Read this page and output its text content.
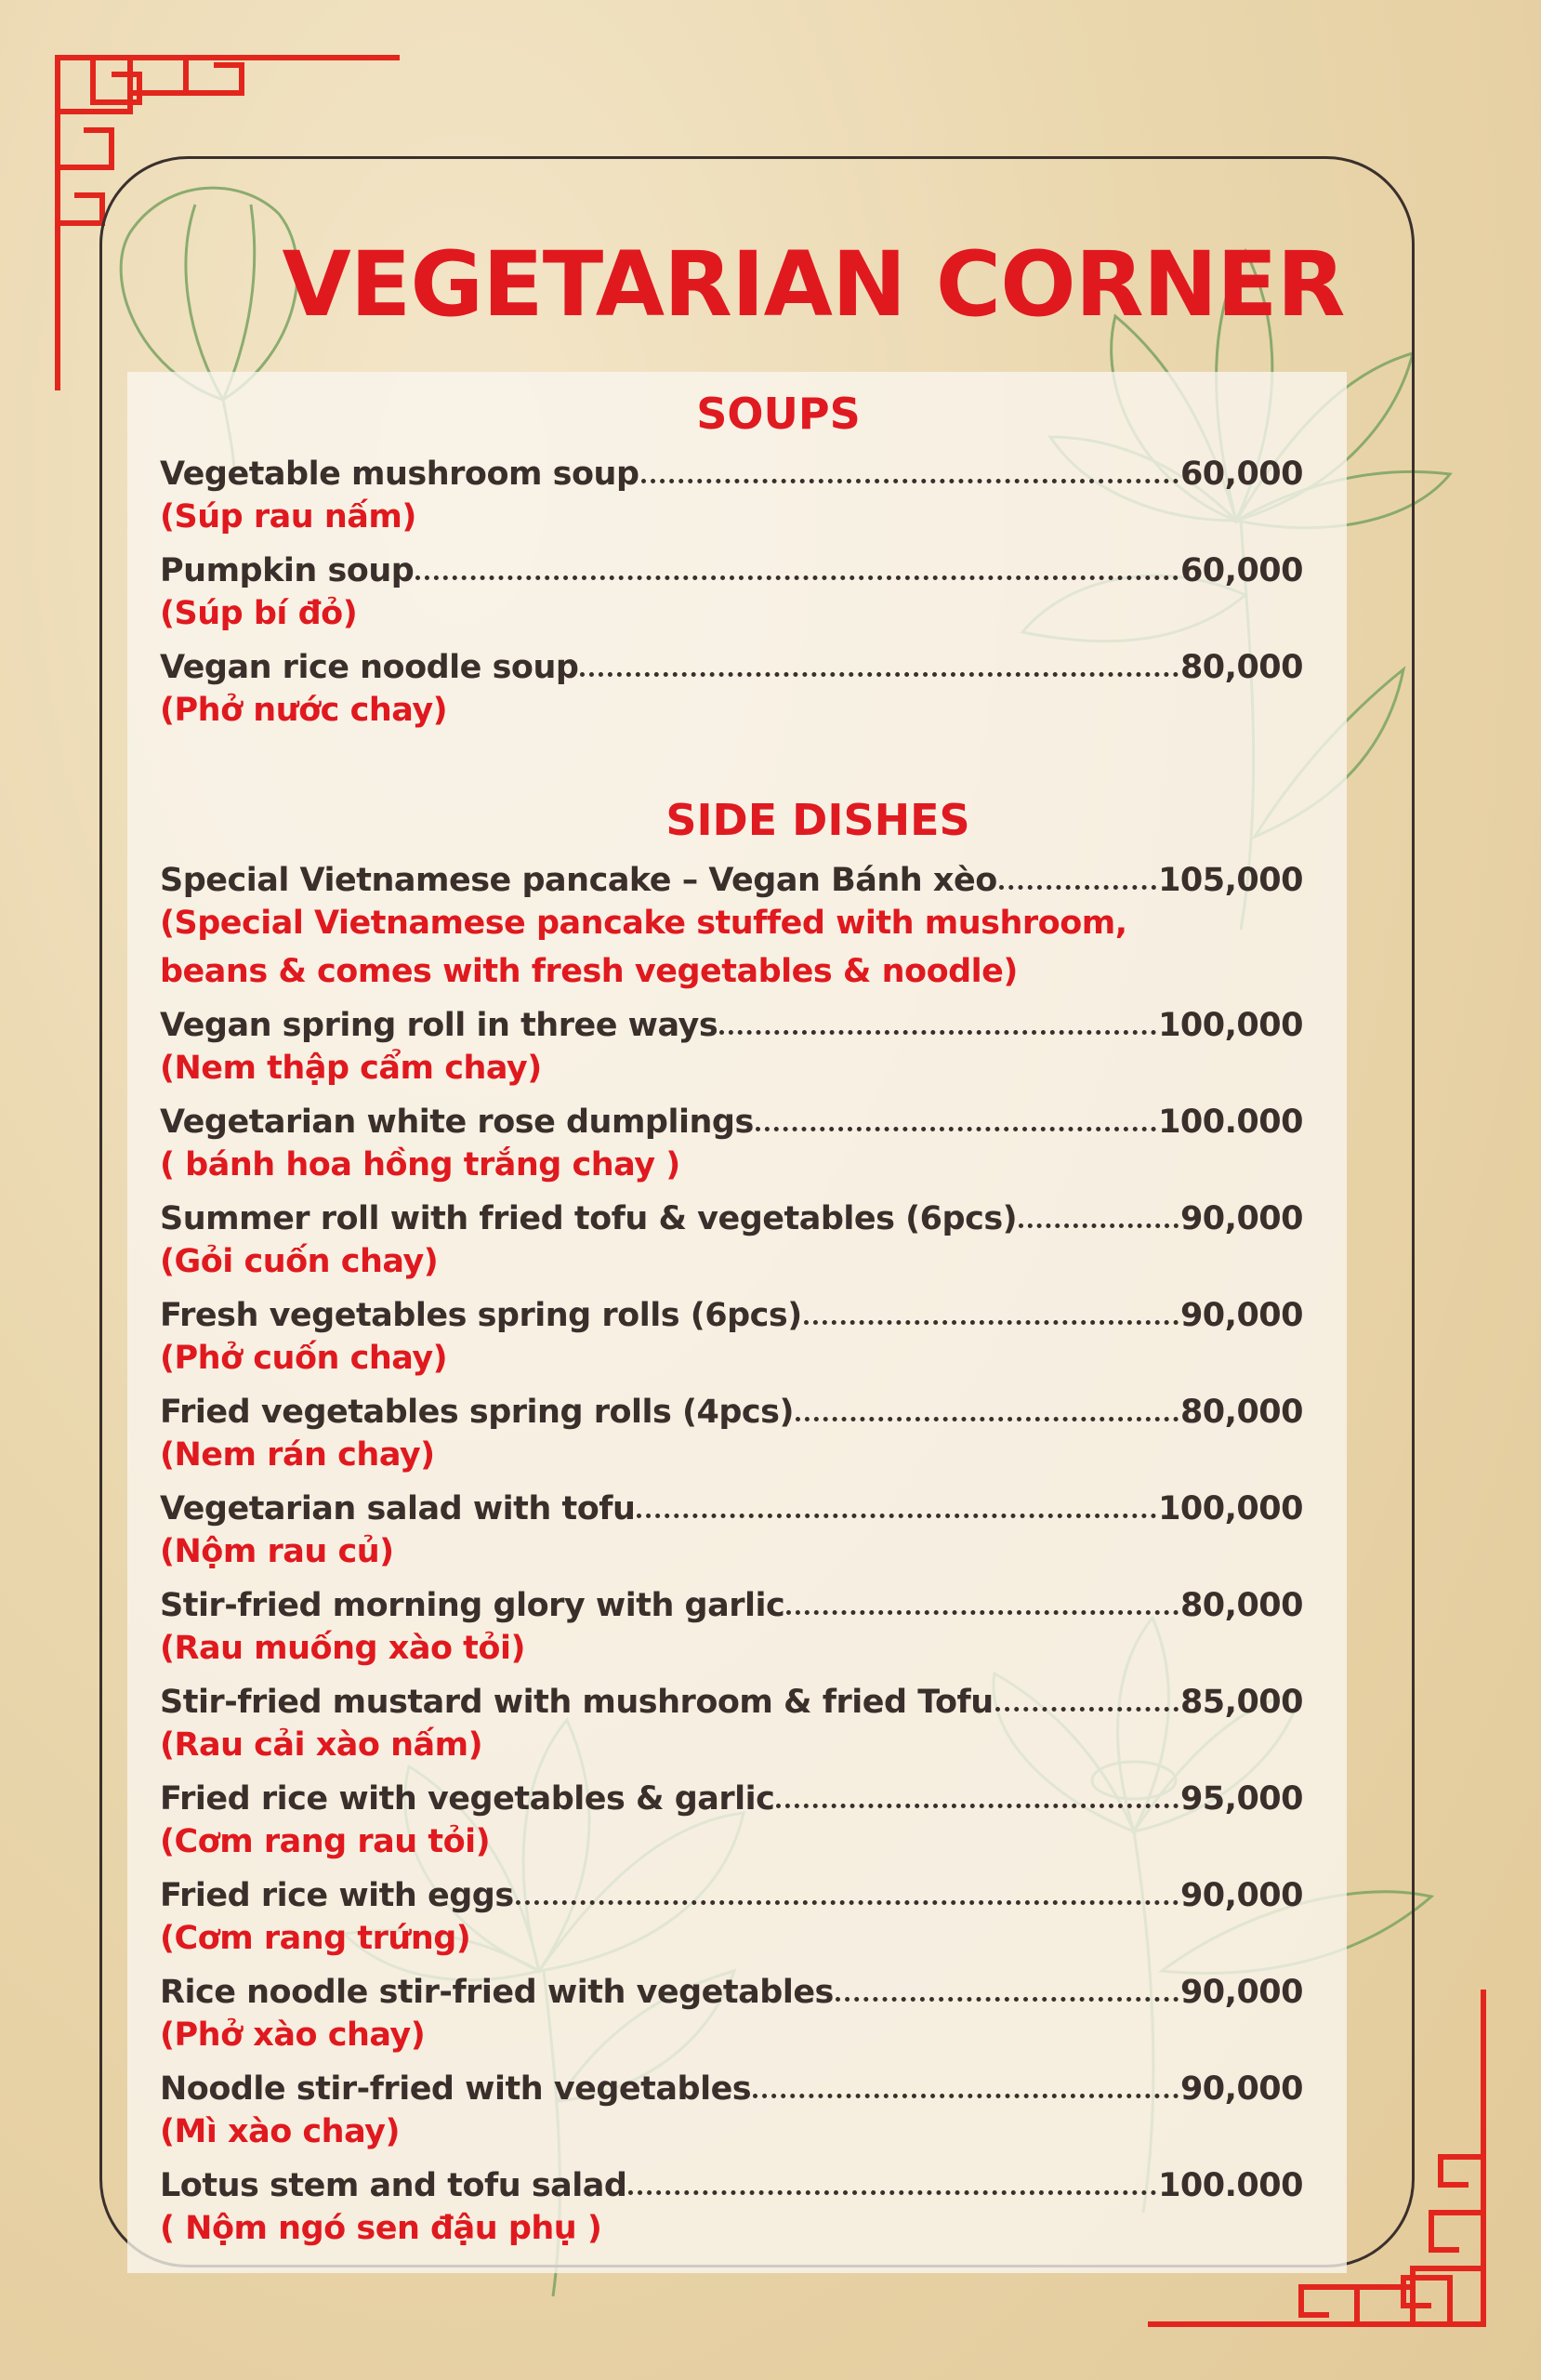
VEGETARIAN CORNER
SOUPS
Vegetable mushroom soup	60,000
(Súp rau nấm)
Pumpkin soup	60,000
(Súp bí đỏ)
Vegan rice noodle soup	80,000
(Phở nước chay)
SIDE DISHES
Special Vietnamese pancake – Vegan Bánh xèo	105,000
(Special Vietnamese pancake stuffed with mushroom,
beans & comes with fresh vegetables & noodle)
Vegan spring roll in three ways	100,000
(Nem thập cẩm chay)
Vegetarian white rose dumplings	100.000
( bánh hoa hồng trắng chay )
Summer roll with fried tofu & vegetables (6pcs)	90,000
(Gỏi cuốn chay)
Fresh vegetables spring rolls (6pcs)	90,000
(Phở cuốn chay)
Fried vegetables spring rolls (4pcs)	80,000
(Nem rán chay)
Vegetarian salad with tofu	100,000
(Nộm rau củ)
Stir-fried morning glory with garlic	80,000
(Rau muống xào tỏi)
Stir-fried mustard with mushroom & fried Tofu	85,000
(Rau cải xào nấm)
Fried rice with vegetables & garlic	95,000
(Cơm rang rau tỏi)
Fried rice with eggs	90,000
(Cơm rang trứng)
Rice noodle stir-fried with vegetables	90,000
(Phở xào chay)
Noodle stir-fried with vegetables	90,000
(Mì xào chay)
Lotus stem and tofu salad	100.000
( Nộm ngó sen đậu phụ )
